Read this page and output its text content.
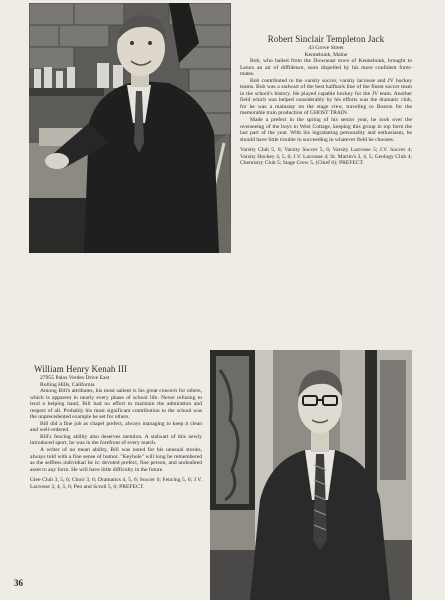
Robert Sinclair Templeton Jack

43 Grove Street

Kennebunk, Maine

Bob, who hailed from the Downeast town of Kennebunk, brought to Lenox an air of diffidence, soon dispelled by his more confident form-mates.

Bob contributed to the varsity soccer, varsity lacrosse and JV hockey teams. Bob was a stalwart of the best halfback line of the finest soccer team in the school's history. He played capable hockey for the JV team. Another field which was helped considerably by his efforts was the dramatic club, for he was a mainstay on the stage crew, traveling to Boston for the memorable train production of GHOST TRAIN.

Made a prefect in the spring of his senior year, he took over the overseeing of the boys in West Cottage, keeping this group in top form the last part of the year. With his ingratiating personality and enthusiasm, he should have little trouble in succeeding in whatever field he chooses.

Varsity Club 5, 6; Varsity Soccer 5, 6; Varsity Lacrosse 5; J.V. Soccer 4; Varsity Hockey 4, 5, 6; J.V. Lacrosse 4; St. Martin's 3, 4, 5; Geology Club 4; Chemistry Club 5; Stage Crew 5, (Chief 6); PREFECT.

William Henry Kenah III

27955 Palos Verdes Drive East

Rolling Hills, California

Among Bill's attributes, his most salient is his great concern for others, which is apparent in nearly every phase of school life. Never refusing to lend a helping hand, Bill had no effort to maintain the admiration and respect of all. Probably his most significant contribution to the school was the unprecedented example he set for others.

Bill did a fine job as chapel prefect, always managing to keep it clean and well-ordered.

Bill's fencing ability also deserves mention. A stalwart of this newly introduced sport, he was in the forefront of every match.

A writer of no mean ability, Bill was noted for his unusual stories, always told with a fine sense of humor. "Keyhole" will long be remembered as the selfless individual he is: devoted prefect, fine person, and undoubted asset to any form. He will have little difficulty in the future.

Glee Club 3, 5, 6; Choir 3, 6; Dramatics 4, 5, 6; Soccer 6; Fencing 5, 6; J.V. Lacrosse 3, 4, 5, 6; Pen and Scroll 5, 6; PREFECT.

36
